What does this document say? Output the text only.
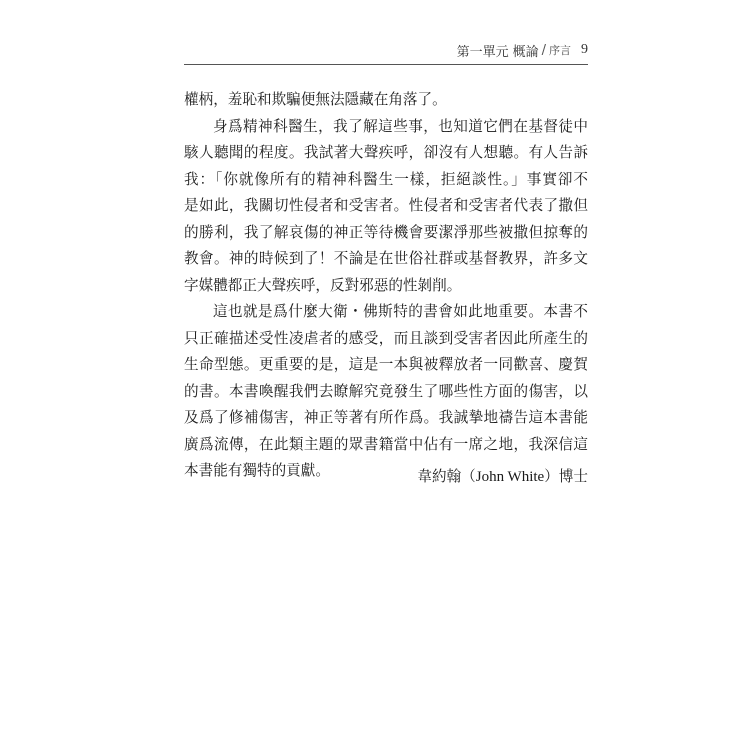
第一單元 概論 / 序言 9
權柄，羞恥和欺騙便無法隱藏在角落了。
身爲精神科醫生，我了解這些事，也知道它們在基督徒中
駭人聽聞的程度。我試著大聲疾呼，卻沒有人想聽。有人告訴
我：「你就像所有的精神科醫生一樣，拒絕談性。」事實卻不
是如此，我關切性侵者和受害者。性侵者和受害者代表了撒但
的勝利，我了解哀傷的神正等待機會要潔淨那些被撒但掠奪的
教會。神的時候到了！不論是在世俗社群或基督教界，許多文
字媒體都正大聲疾呼，反對邪惡的性剝削。
這也就是爲什麼大衛・佛斯特的書會如此地重要。本書不
只正確描述受性凌虐者的感受，而且談到受害者因此所產生的
生命型態。更重要的是，這是一本與被釋放者一同歡喜、慶賀
的書。本書喚醒我們去瞭解究竟發生了哪些性方面的傷害，以
及爲了修補傷害，神正等著有所作爲。我誠摯地禱告這本書能
廣爲流傳，在此類主題的眾書籍當中佔有一席之地，我深信這
本書能有獨特的貢獻。	韋約翰（John White）博士
